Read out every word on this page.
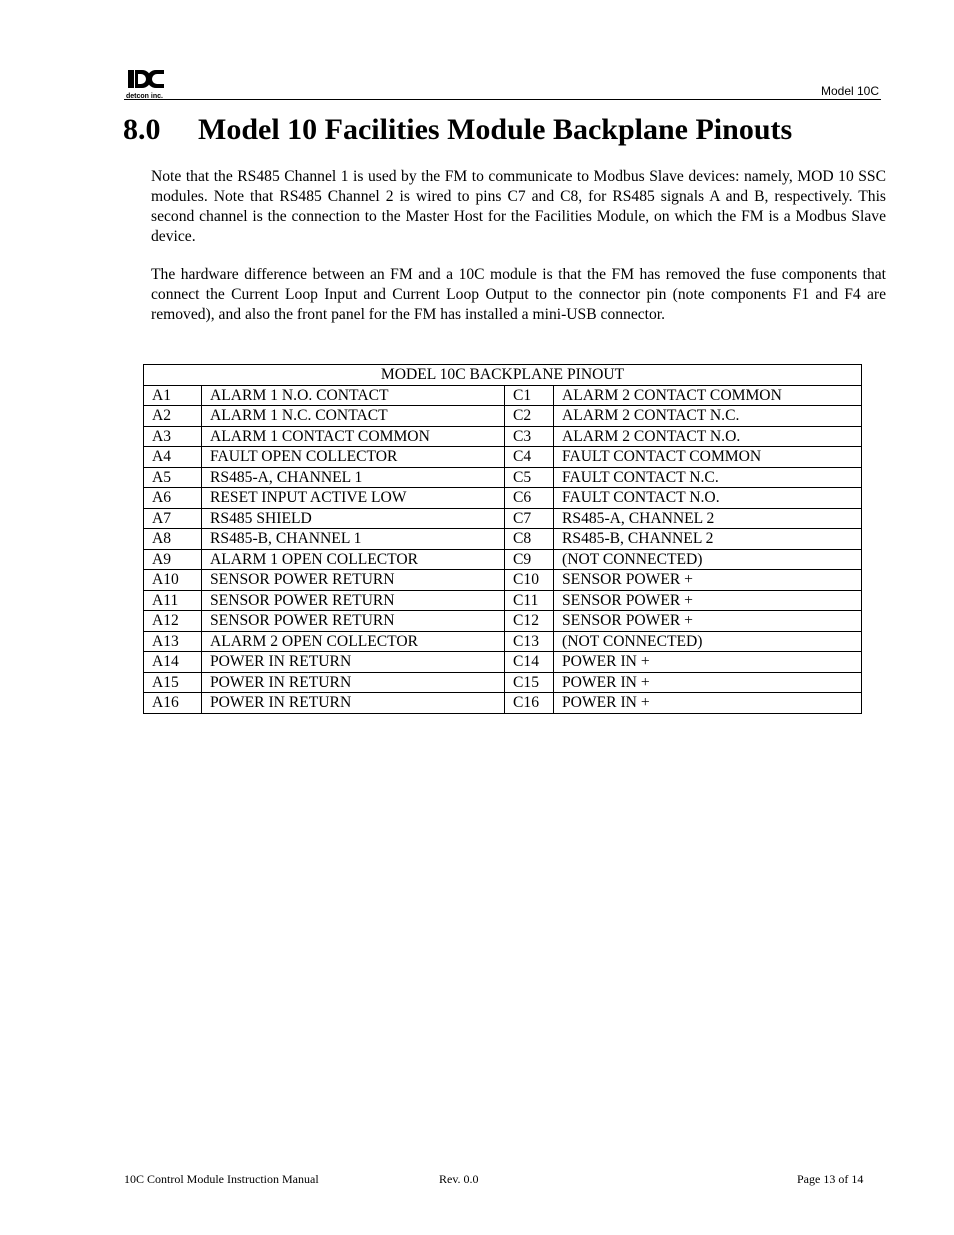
detcon inc.	Model 10C
8.0 Model 10 Facilities Module Backplane Pinouts

Note that the RS485 Channel 1 is used by the FM to communicate to Modbus Slave devices: namely, MOD 10 SSC modules. Note that RS485 Channel 2 is wired to pins C7 and C8, for RS485 signals A and B, respectively. This second channel is the connection to the Master Host for the Facilities Module, on which the FM is a Modbus Slave device.

The hardware difference between an FM and a 10C module is that the FM has removed the fuse components that connect the Current Loop Input and Current Loop Output to the connector pin (note components F1 and F4 are removed), and also the front panel for the FM has installed a mini-USB connector.

MODEL 10C BACKPLANE PINOUT			
A1	ALARM 1 N.O. CONTACT	C1	ALARM 2 CONTACT COMMON
A2	ALARM 1 N.C. CONTACT	C2	ALARM 2 CONTACT N.C.
A3	ALARM 1 CONTACT COMMON	C3	ALARM 2 CONTACT N.O.
A4	FAULT OPEN COLLECTOR	C4	FAULT CONTACT COMMON
A5	RS485-A, CHANNEL 1	C5	FAULT CONTACT N.C.
A6	RESET INPUT ACTIVE LOW	C6	FAULT CONTACT N.O.
A7	RS485 SHIELD	C7	RS485-A, CHANNEL 2
A8	RS485-B, CHANNEL 1	C8	RS485-B, CHANNEL 2
A9	ALARM 1 OPEN COLLECTOR	C9	(NOT CONNECTED)
A10	SENSOR POWER RETURN	C10	SENSOR POWER +
A11	SENSOR POWER RETURN	C11	SENSOR POWER +
A12	SENSOR POWER RETURN	C12	SENSOR POWER +
A13	ALARM 2 OPEN COLLECTOR	C13	(NOT CONNECTED)
A14	POWER IN RETURN	C14	POWER IN +
A15	POWER IN RETURN	C15	POWER IN +
A16	POWER IN RETURN	C16	POWER IN +
10C Control Module Instruction Manual	Rev. 0.0	Page 13 of 14
